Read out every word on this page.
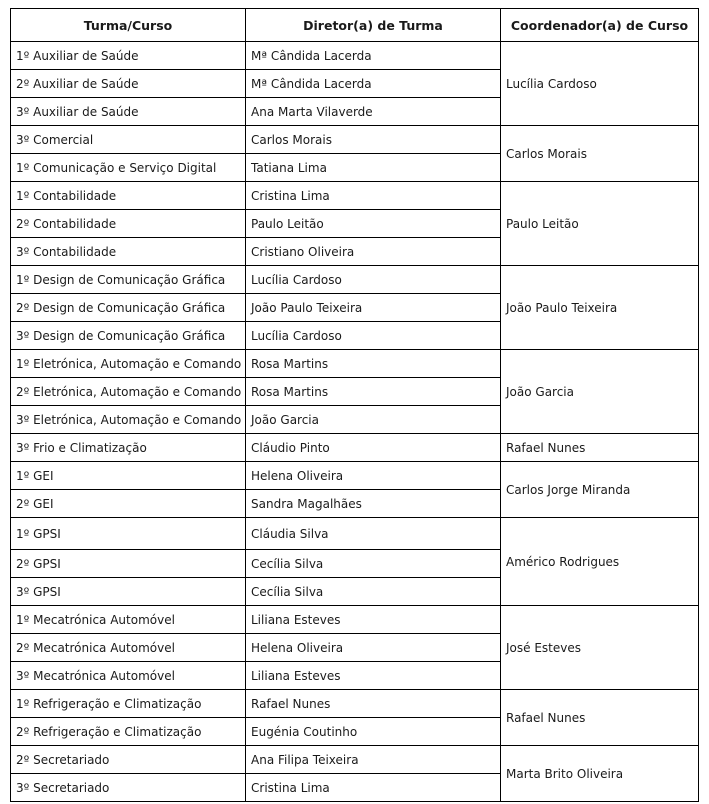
Turma/Curso	Diretor(a) de Turma	Coordenador(a) de Curso
1º Auxiliar de Saúde	Mª Cândida Lacerda	Lucília Cardoso
2º Auxiliar de Saúde	Mª Cândida Lacerda	
3º Auxiliar de Saúde	Ana Marta Vilaverde	
3º Comercial	Carlos Morais	Carlos Morais
1º Comunicação e Serviço Digital	Tatiana Lima	
1º Contabilidade	Cristina Lima	Paulo Leitão
2º Contabilidade	Paulo Leitão	
3º Contabilidade	Cristiano Oliveira	
1º Design de Comunicação Gráfica	Lucília Cardoso	João Paulo Teixeira
2º Design de Comunicação Gráfica	João Paulo Teixeira	
3º Design de Comunicação Gráfica	Lucília Cardoso	
1º Eletrónica, Automação e Comando	Rosa Martins	João Garcia
2º Eletrónica, Automação e Comando	Rosa Martins	
3º Eletrónica, Automação e Comando	João Garcia	
3º Frio e Climatização	Cláudio Pinto	Rafael Nunes
1º GEI	Helena Oliveira	Carlos Jorge Miranda
2º GEI	Sandra Magalhães	
1º GPSI	Cláudia Silva	Américo Rodrigues
2º GPSI	Cecília Silva	
3º GPSI	Cecília Silva	
1º Mecatrónica Automóvel	Liliana Esteves	José Esteves
2º Mecatrónica Automóvel	Helena Oliveira	
3º Mecatrónica Automóvel	Liliana Esteves	
1º Refrigeração e Climatização	Rafael Nunes	Rafael Nunes
2º Refrigeração e Climatização	Eugénia Coutinho	
2º Secretariado	Ana Filipa Teixeira	Marta Brito Oliveira
3º Secretariado	Cristina Lima	
